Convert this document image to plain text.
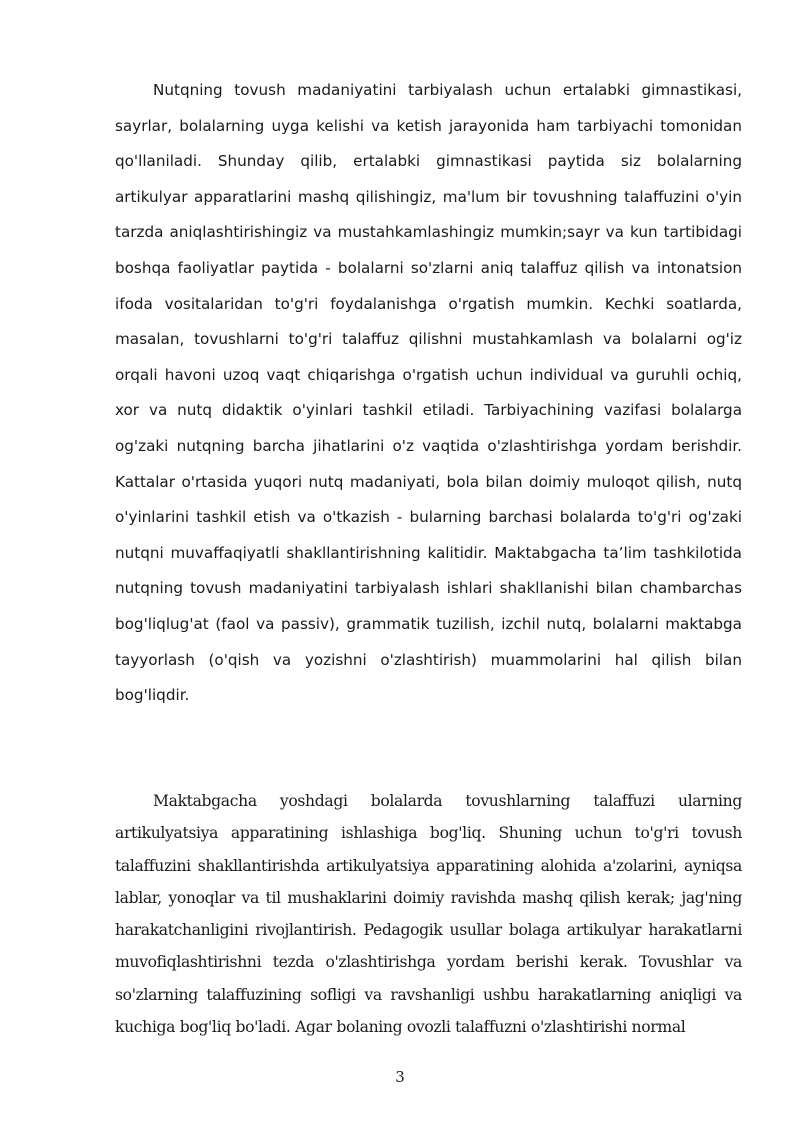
Nutqning tovush madaniyatini tarbiyalash uchun ertalabki gimnastikasi, sayrlar, bolalarning uyga kelishi va ketish jarayonida ham tarbiyachi tomonidan qo'llaniladi. Shunday qilib, ertalabki gimnastikasi paytida siz bolalarning artikulyar apparatlarini mashq qilishingiz, ma'lum bir tovushning talaffuzini o'yin tarzda aniqlashtirishingiz va mustahkamlashingiz mumkin;sayr va kun tartibidagi boshqa faoliyatlar paytida - bolalarni so'zlarni aniq talaffuz qilish va intonatsion ifoda vositalaridan to'g'ri foydalanishga o'rgatish mumkin. Kechki soatlarda, masalan, tovushlarni to'g'ri talaffuz qilishni mustahkamlash va bolalarni og'iz orqali havoni uzoq vaqt chiqarishga o'rgatish uchun individual va guruhli ochiq, xor va nutq didaktik o'yinlari tashkil etiladi. Tarbiyachining vazifasi bolalarga og'zaki nutqning barcha jihatlarini o'z vaqtida o'zlashtirishga yordam berishdir. Kattalar o'rtasida yuqori nutq madaniyati, bola bilan doimiy muloqot qilish, nutq o'yinlarini tashkil etish va o'tkazish - bularning barchasi bolalarda to'g'ri og'zaki nutqni muvaffaqiyatli shakllantirishning kalitidir. Maktabgacha ta’lim tashkilotida nutqning tovush madaniyatini tarbiyalash ishlari shakllanishi bilan chambarchas bog'liqlug'at (faol va passiv), grammatik tuzilish, izchil nutq, bolalarni maktabga tayyorlash (o'qish va yozishni o'zlashtirish) muammolarini hal qilish bilan bog'liqdir.

Maktabgacha yoshdagi bolalarda tovushlarning talaffuzi ularning artikulyatsiya apparatining ishlashiga bog'liq. Shuning uchun to'g'ri tovush talaffuzini shakllantirishda artikulyatsiya apparatining alohida a'zolarini, ayniqsa lablar, yonoqlar va til mushaklarini doimiy ravishda mashq qilish kerak; jag'ning harakatchanligini rivojlantirish. Pedagogik usullar bolaga artikulyar harakatlarni muvofiqlashtirishni tezda o'zlashtirishga yordam berishi kerak. Tovushlar va so'zlarning talaffuzining sofligi va ravshanligi ushbu harakatlarning aniqligi va kuchiga bog'liq bo'ladi. Agar bolaning ovozli talaffuzni o'zlashtirishi normal

3
